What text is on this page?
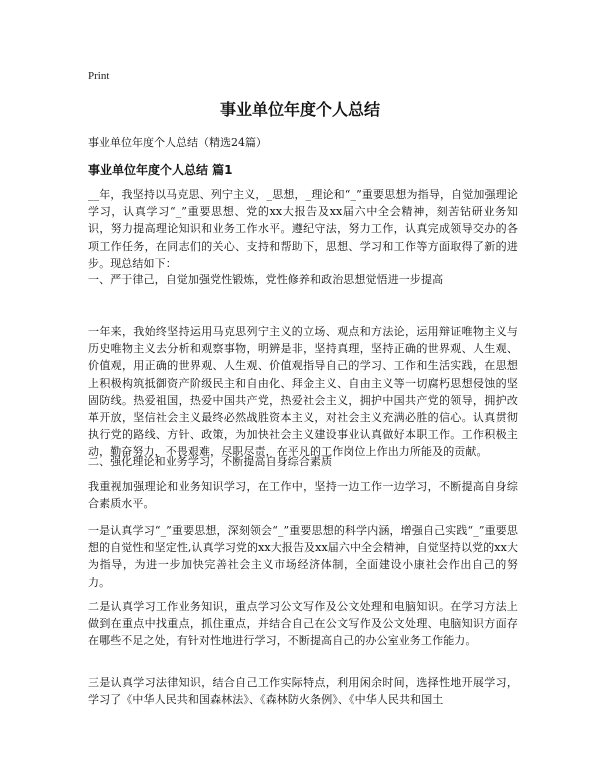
Print
事业单位年度个人总结

事业单位年度个人总结（精选24篇）

事业单位年度个人总结 篇1

__年，我坚持以马克思、列宁主义，_思想，_理论和“_”重要思想为指导，自觉加强理论学习，认真学习“_”重要思想、党的xx大报告及xx届六中全会精神，刻苦钻研业务知识，努力提高理论知识和业务工作水平。遵纪守法，努力工作，认真完成领导交办的各项工作任务，在同志们的关心、支持和帮助下，思想、学习和工作等方面取得了新的进步。现总结如下：

一、严于律己，自觉加强党性锻炼，党性修养和政治思想觉悟进一步提高

一年来，我始终坚持运用马克思列宁主义的立场、观点和方法论，运用辩证唯物主义与历史唯物主义去分析和观察事物，明辨是非，坚持真理，坚持正确的世界观、人生观、价值观，用正确的世界观、人生观、价值观指导自己的学习、工作和生活实践，在思想上积极构筑抵御资产阶级民主和自由化、拜金主义、自由主义等一切腐朽思想侵蚀的坚固防线。热爱祖国，热爱中国共产党，热爱社会主义，拥护中国共产党的领导，拥护改革开放，坚信社会主义最终必然战胜资本主义，对社会主义充满必胜的信心。认真贯彻执行党的路线、方针、政策，为加快社会主义建设事业认真做好本职工作。工作积极主动，勤奋努力，不畏艰难，尽职尽责，在平凡的工作岗位上作出力所能及的贡献。

二、强化理论和业务学习，不断提高自身综合素质

我重视加强理论和业务知识学习，在工作中，坚持一边工作一边学习，不断提高自身综合素质水平。

一是认真学习“_”重要思想，深刻领会“_”重要思想的科学内涵，增强自己实践“_”重要思想的自觉性和坚定性,认真学习党的xx大报告及xx届六中全会精神，自觉坚持以党的xx大为指导，为进一步加快完善社会主义市场经济体制，全面建设小康社会作出自己的努力。

二是认真学习工作业务知识，重点学习公文写作及公文处理和电脑知识。在学习方法上做到在重点中找重点，抓住重点，并结合自己在公文写作及公文处理、电脑知识方面存在哪些不足之处，有针对性地进行学习，不断提高自己的办公室业务工作能力。

三是认真学习法律知识，结合自己工作实际特点，利用闲余时间，选择性地开展学习，学习了《中华人民共和国森林法》、《森林防火条例》、《中华人民共和国土
